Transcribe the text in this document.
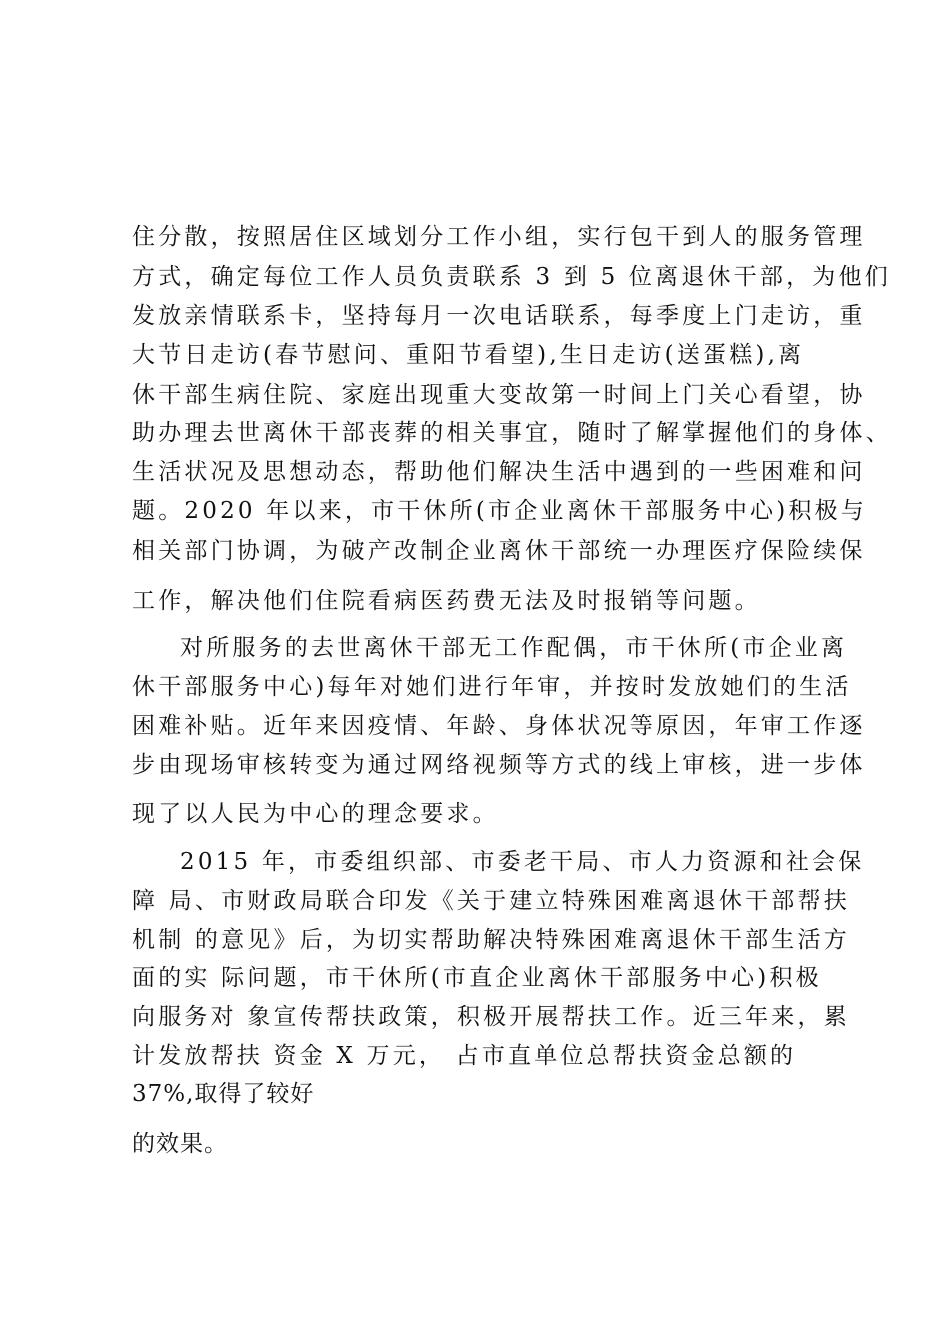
住分散，按照居住区域划分工作小组，实行包干到人的服务管理

方式，确定每位工作人员负责联系 3 到 5 位离退休干部，为他们

发放亲情联系卡，坚持每月一次电话联系，每季度上门走访，重

大节日走访(春节慰问、重阳节看望),生日走访(送蛋糕),离

休干部生病住院、家庭出现重大变故第一时间上门关心看望，协

助办理去世离休干部丧葬的相关事宜，随时了解掌握他们的身体、

生活状况及思想动态，帮助他们解决生活中遇到的一些困难和问

题。2020 年以来，市干休所(市企业离休干部服务中心)积极与

相关部门协调，为破产改制企业离休干部统一办理医疗保险续保

工作，解决他们住院看病医药费无法及时报销等问题。

对所服务的去世离休干部无工作配偶，市干休所(市企业离

休干部服务中心)每年对她们进行年审，并按时发放她们的生活

困难补贴。近年来因疫情、年龄、身体状况等原因，年审工作逐

步由现场审核转变为通过网络视频等方式的线上审核，进一步体

现了以人民为中心的理念要求。

2015 年，市委组织部、市委老干局、市人力资源和社会保

障 局、市财政局联合印发《关于建立特殊困难离退休干部帮扶

机制 的意见》后，为切实帮助解决特殊困难离退休干部生活方

面的实 际问题，市干休所(市直企业离休干部服务中心)积极

向服务对 象宣传帮扶政策，积极开展帮扶工作。近三年来，累

计发放帮扶 资金 X 万元， 占市直单位总帮扶资金总额的

37%,取得了较好

的效果。
